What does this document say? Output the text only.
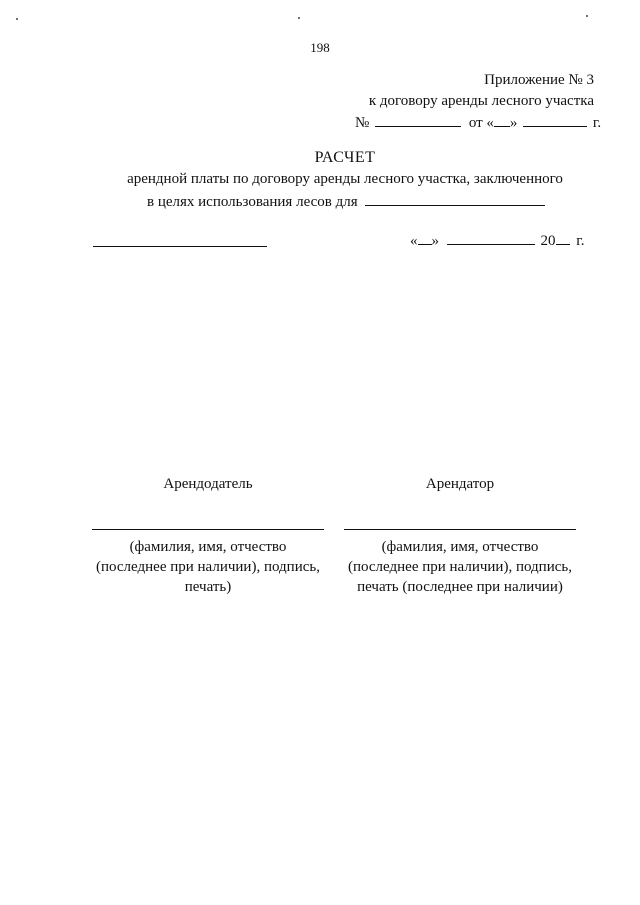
198
Приложение № 3
к договору аренды лесного участка
№	от « »	г.
РАСЧЕТ
арендной платы по договору аренды лесного участка, заключенного
в целях использования лесов для
« »	20 г.
Арендодатель	Арендатор
(фамилия, имя, отчество
(последнее при наличии), подпись,
печать)
(фамилия, имя, отчество
(последнее при наличии), подпись,
печать (последнее при наличии)
